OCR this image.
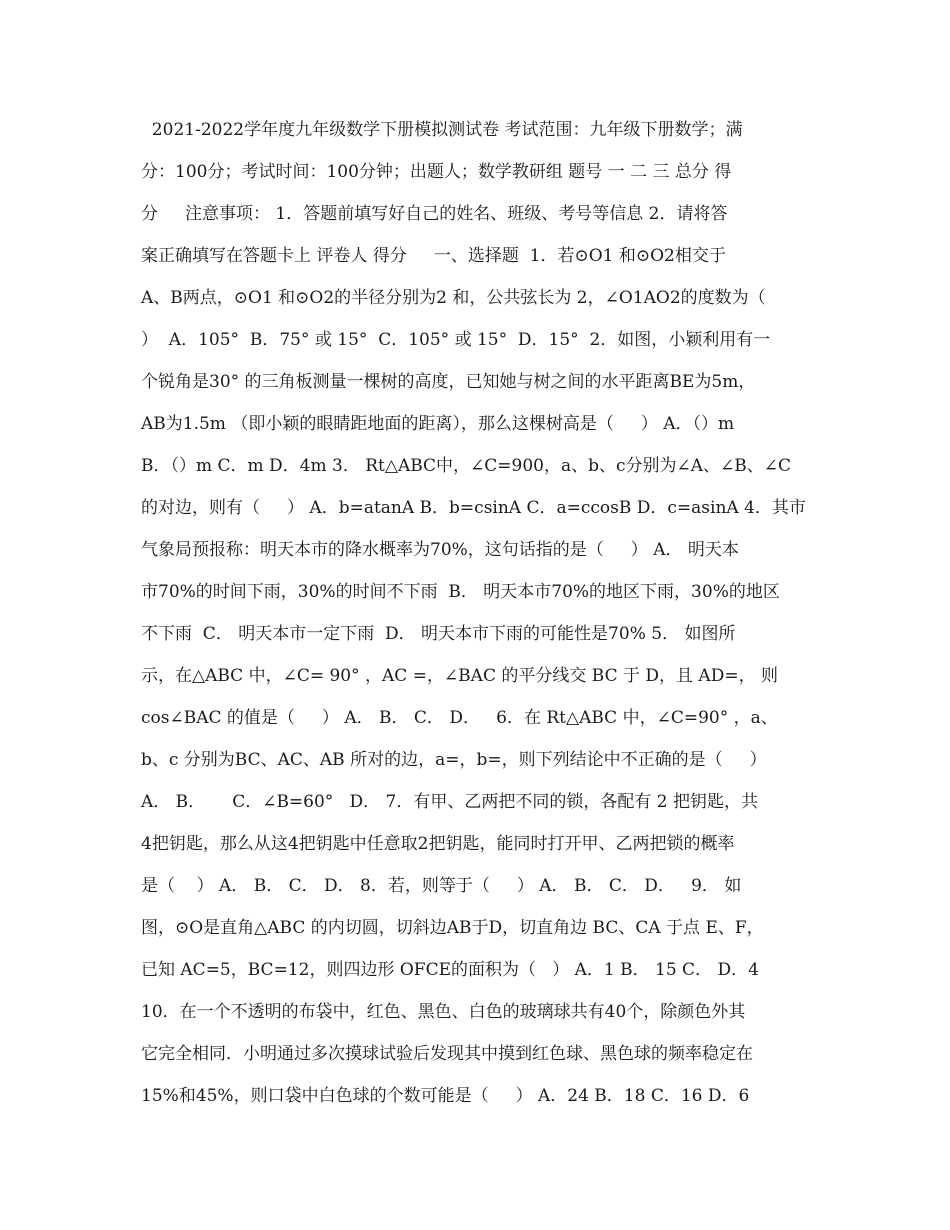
2021-2022学年度九年级数学下册模拟测试卷 考试范围：九年级下册数学；满
分：100分；考试时间：100分钟；出题人；数学教研组 题号 一 二 三 总分 得
分     注意事项： 1．答题前填写好自己的姓名、班级、考号等信息 2．请将答
案正确填写在答题卡上 评卷人 得分     一、选择题  1．若⊙O1 和⊙O2相交于
A、B两点，⊙O1 和⊙O2的半径分别为2 和，公共弦长为 2，∠O1AO2的度数为（
）  A．105°  B．75° 或 15°  C．105° 或 15°  D．15°  2．如图，小颖利用有一
个锐角是30° 的三角板测量一棵树的高度，已知她与树之间的水平距离BE为5m，
AB为1.5m （即小颖的眼睛距地面的距离），那么这棵树高是（     ） A．（）m
B．（）m C．m D．4m 3． Rt△ABC中，∠C=900，a、b、c分别为∠A、∠B、∠C
的对边，则有（     ） A．b=atanA B．b=csinA C．a=ccosB D．c=asinA 4．其市
气象局预报称：明天本市的降水概率为70%，这句话指的是（     ） A． 明天本
市70%的时间下雨，30%的时间不下雨  B． 明天本市70%的地区下雨，30%的地区
不下雨  C． 明天本市一定下雨  D． 明天本市下雨的可能性是70% 5． 如图所
示，在△ABC 中，∠C= 90° ，AC =，∠BAC 的平分线交 BC 于 D，且 AD=， 则
cos∠BAC 的值是（     ） A． B． C． D．   6．在 Rt△ABC 中，∠C=90° ，a、
b、c 分别为BC、AC、AB 所对的边，a=，b=，则下列结论中不正确的是（     ）
A． B．     C．∠B=60°   D． 7．有甲、乙两把不同的锁，各配有 2 把钥匙，共
4把钥匙，那么从这4把钥匙中任意取2把钥匙，能同时打开甲、乙两把锁的概率
是（    ） A． B． C． D． 8．若，则等于（     ） A． B． C． D．   9． 如
图，⊙O是直角△ABC 的内切圆，切斜边AB于D，切直角边 BC、CA 于点 E、F，
已知 AC=5，BC=12，则四边形 OFCE的面积为（   ） A．1 B． 15 C． D．4
10．在一个不透明的布袋中，红色、黑色、白色的玻璃球共有40个，除颜色外其
它完全相同．小明通过多次摸球试验后发现其中摸到红色球、黑色球的频率稳定在
15%和45%，则口袋中白色球的个数可能是（     ） A．24 B．18 C．16 D．6
